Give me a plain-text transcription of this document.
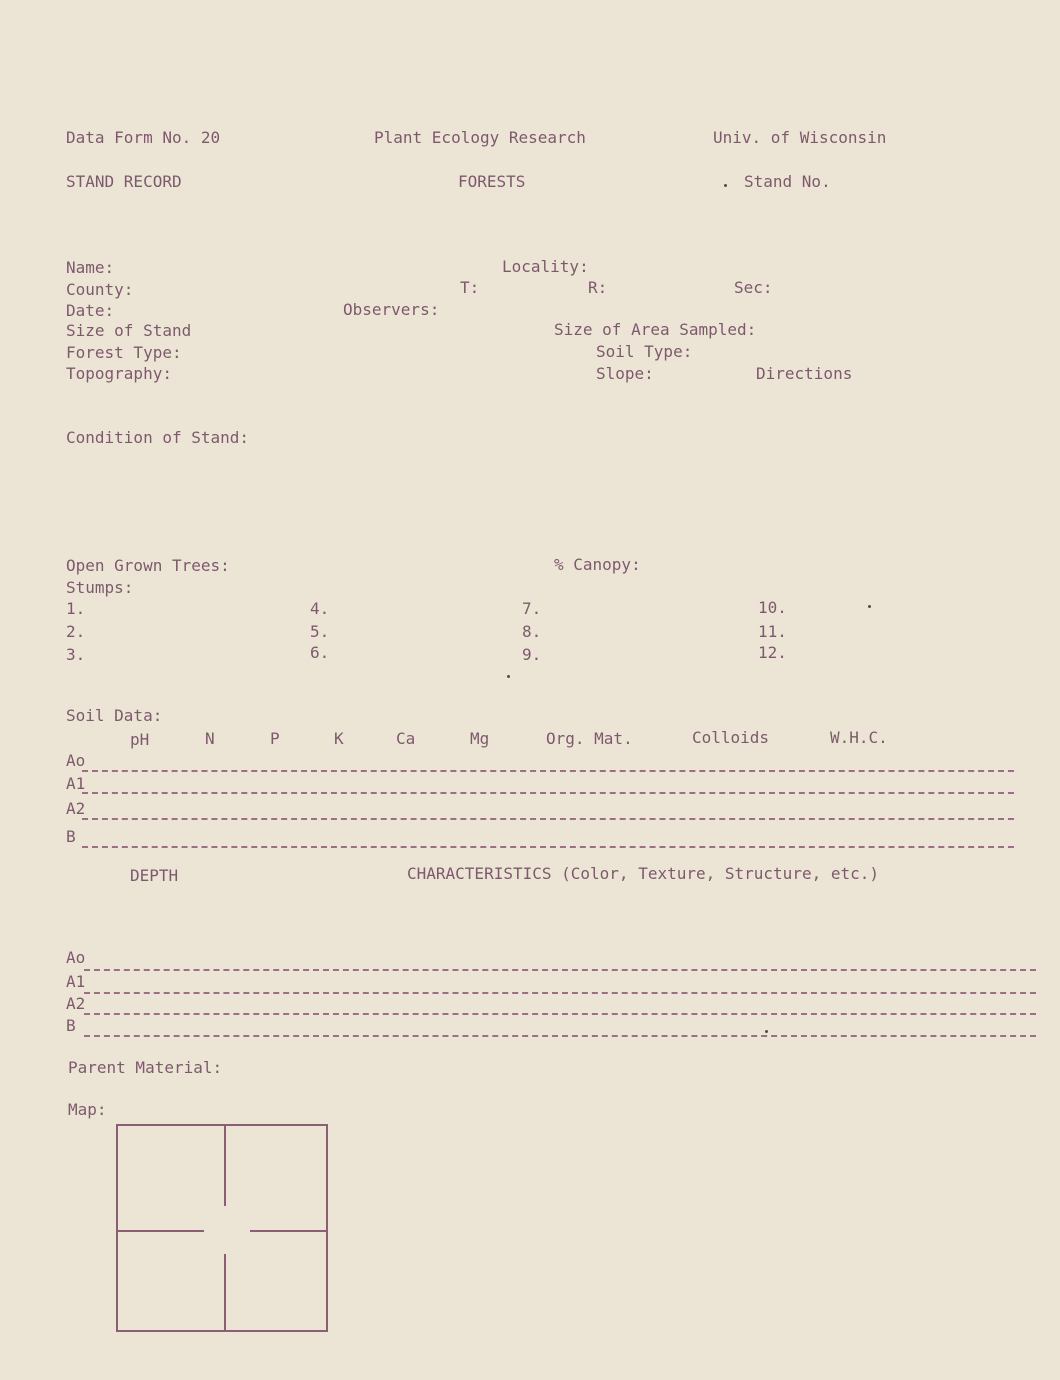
Data Form No. 20	Plant Ecology Research	Univ. of Wisconsin
STAND RECORD	FORESTS	Stand No.
Name:	Locality:
County:	T:	R:	Sec:
Date:	Observers:
Size of Stand	Size of Area Sampled:
Forest Type:	Soil Type:
Topography:	Slope:	Directions
Condition of Stand:
Open Grown Trees:	% Canopy:
Stumps:
1.	4.	7.	10.
2.	5.	8.	11.
3.	6.	9.	12.
Soil Data:
pH	N	P	K	Ca	Mg	Org. Mat.	Colloids	W.H.C.
Ao
A1
A2
B
DEPTH	CHARACTERISTICS (Color, Texture, Structure, etc.)
Ao
A1
A2
B
Parent Material:
Map:
